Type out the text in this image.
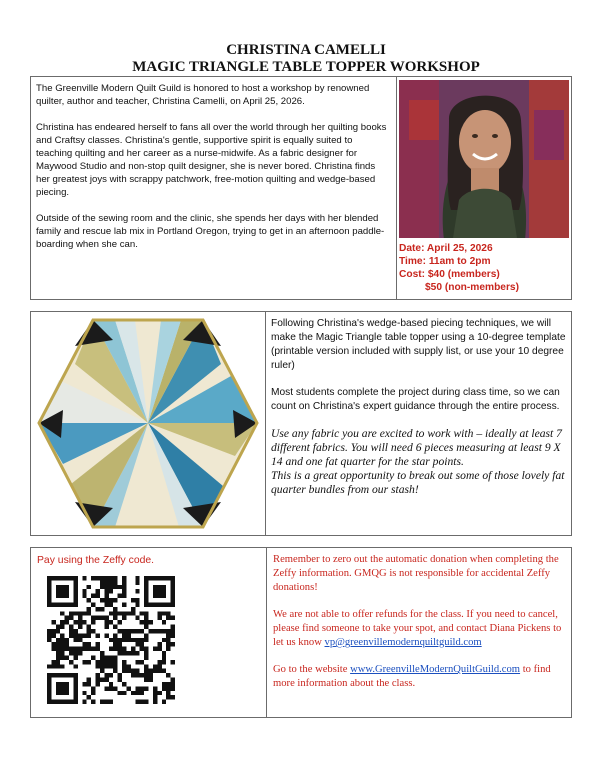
CHRISTINA CAMELLI
MAGIC TRIANGLE TABLE TOPPER WORKSHOP

The Greenville Modern Quilt Guild is honored to host a workshop by renowned quilter, author and teacher, Christina Camelli, on April 25, 2026.

Christina has endeared herself to fans all over the world through her quilting books and Craftsy classes. Christina's gentle, supportive spirit is equally suited to teaching quilting and her career as a nurse-midwife. As a fabric designer for Maywood Studio and non-stop quilt designer, she is never bored. Christina finds her greatest joys with scrappy patchwork, free-motion quilting and wedge-based piecing.

Outside of the sewing room and the clinic, she spends her days with her blended family and rescue lab mix in Portland Oregon, trying to get in an afternoon paddle-boarding when she can.	Date: April 25, 2026
Time: 11am to 2pm
Cost: $40 (members)
$50 (non-members)

Following Christina's wedge-based piecing techniques, we will make the Magic Triangle table topper using a 10-degree template (printable version included with supply list, or use your 10 degree ruler)

Most students complete the project during class time, so we can count on Christina's expert guidance through the entire process.

Use any fabric you are excited to work with – ideally at least 7 different fabrics. You will need 6 pieces measuring at least 9 X 14 and one fat quarter for the star points.
This is a great opportunity to break out some of those lovely fat quarter bundles from our stash!
Pay using the Zeffy code.	Remember to zero out the automatic donation when completing the Zeffy information. GMQG is not responsible for accidental Zeffy donations!

We are not able to offer refunds for the class. If you need to cancel, please find someone to take your spot, and contact Diana Pickens to let us know vp@greenvillemodernquiltguild.com

Go to the website www.GreenvilleModernQuiltGuild.com to find more information about the class.
